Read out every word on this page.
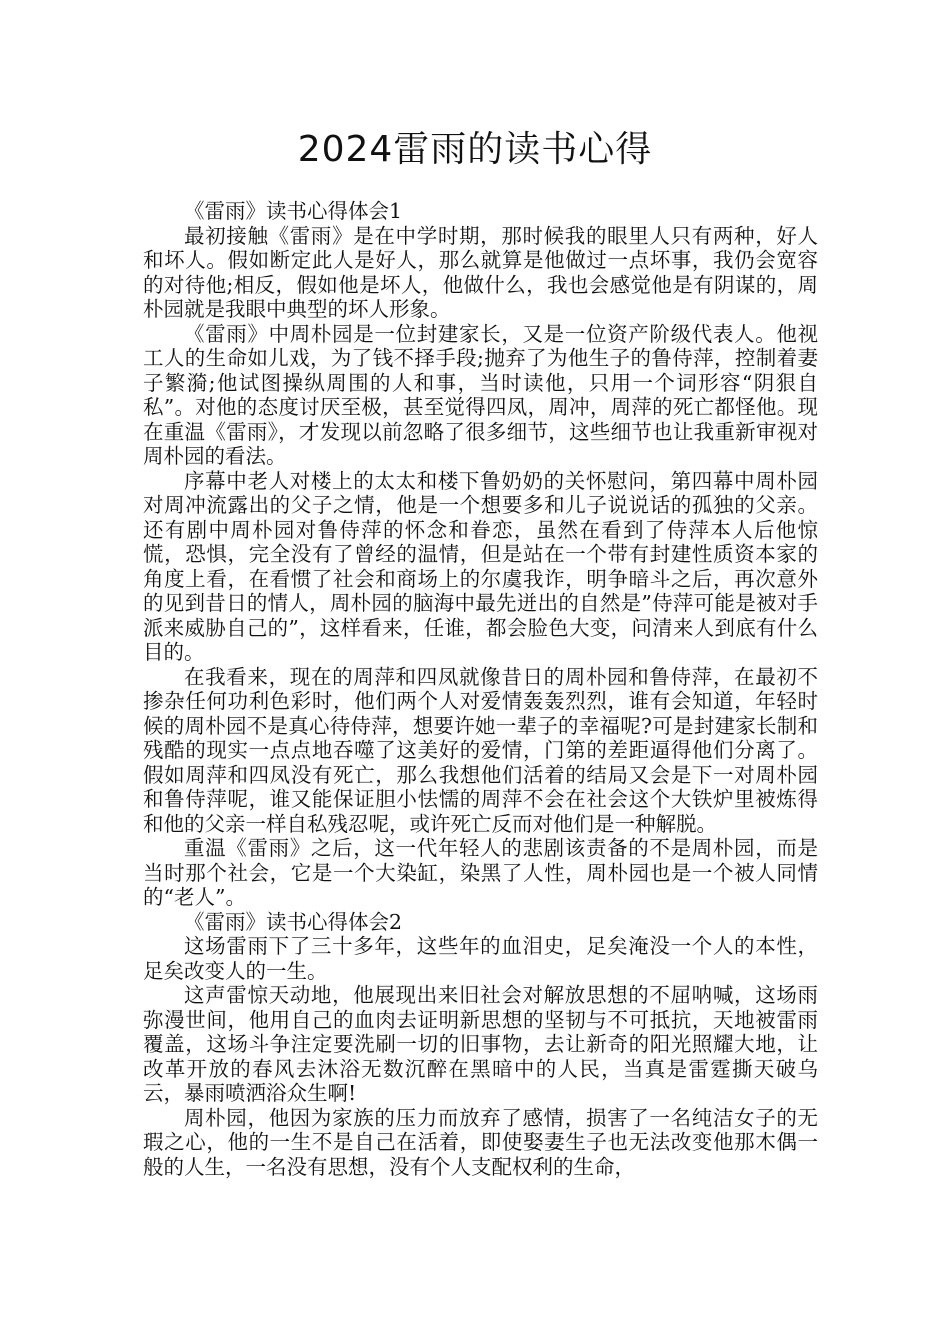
2024雷雨的读书心得

《雷雨》读书心得体会1

最初接触《雷雨》是在中学时期，那时候我的眼里人只有两种，好人和坏人。假如断定此人是好人，那么就算是他做过一点坏事，我仍会宽容的对待他;相反，假如他是坏人，他做什么，我也会感觉他是有阴谋的，周朴园就是我眼中典型的坏人形象。

《雷雨》中周朴园是一位封建家长，又是一位资产阶级代表人。他视工人的生命如儿戏，为了钱不择手段;抛弃了为他生子的鲁侍萍，控制着妻子繁漪;他试图操纵周围的人和事，当时读他，只用一个词形容“阴狠自私”。对他的态度讨厌至极，甚至觉得四凤，周冲，周萍的死亡都怪他。现在重温《雷雨》，才发现以前忽略了很多细节，这些细节也让我重新审视对周朴园的看法。

序幕中老人对楼上的太太和楼下鲁奶奶的关怀慰问，第四幕中周朴园对周冲流露出的父子之情，他是一个想要多和儿子说说话的孤独的父亲。还有剧中周朴园对鲁侍萍的怀念和眷恋，虽然在看到了侍萍本人后他惊慌，恐惧，完全没有了曾经的温情，但是站在一个带有封建性质资本家的角度上看，在看惯了社会和商场上的尔虞我诈，明争暗斗之后，再次意外的见到昔日的情人，周朴园的脑海中最先迸出的自然是”侍萍可能是被对手派来威胁自己的”，这样看来，任谁，都会脸色大变，问清来人到底有什么目的。

在我看来，现在的周萍和四凤就像昔日的周朴园和鲁侍萍，在最初不掺杂任何功利色彩时，他们两个人对爱情轰轰烈烈，谁有会知道，年轻时候的周朴园不是真心待侍萍，想要许她一辈子的幸福呢?可是封建家长制和残酷的现实一点点地吞噬了这美好的爱情，门第的差距逼得他们分离了。假如周萍和四凤没有死亡，那么我想他们活着的结局又会是下一对周朴园和鲁侍萍呢，谁又能保证胆小怯懦的周萍不会在社会这个大铁炉里被炼得和他的父亲一样自私残忍呢，或许死亡反而对他们是一种解脱。

重温《雷雨》之后，这一代年轻人的悲剧该责备的不是周朴园，而是当时那个社会，它是一个大染缸，染黑了人性，周朴园也是一个被人同情的“老人”。

《雷雨》读书心得体会2

这场雷雨下了三十多年，这些年的血泪史，足矣淹没一个人的本性，足矣改变人的一生。

这声雷惊天动地，他展现出来旧社会对解放思想的不屈呐喊，这场雨弥漫世间，他用自己的血肉去证明新思想的坚韧与不可抵抗，天地被雷雨覆盖，这场斗争注定要洗刷一切的旧事物，去让新奇的阳光照耀大地，让改革开放的春风去沐浴无数沉醉在黑暗中的人民，当真是雷霆撕天破乌云，暴雨喷洒浴众生啊!

周朴园，他因为家族的压力而放弃了感情，损害了一名纯洁女子的无瑕之心，他的一生不是自己在活着，即使娶妻生子也无法改变他那木偶一般的人生，一名没有思想，没有个人支配权利的生命，
